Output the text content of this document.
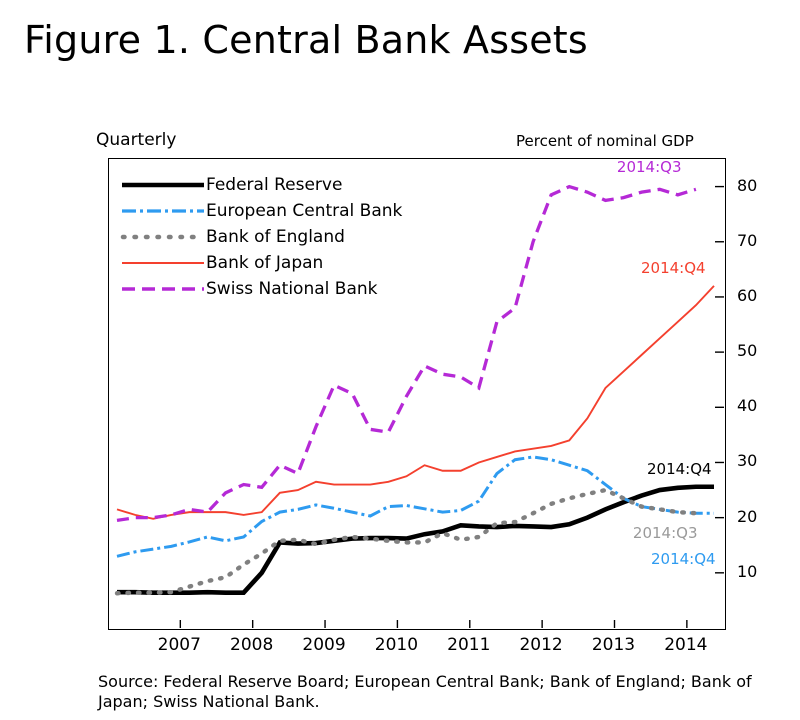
Figure 1. Central Bank Assets
Quarterly	Percent of nominal GDP
Federal Reserve
European Central Bank
Bank of England
Bank of Japan
Swiss National Bank
Source: Federal Reserve Board; European Central Bank; Bank of England; Bank of Japan; Swiss National Bank.
10
20
30
40
50
60
70
80
2007	2008	2009	2010	2011	2012	2013	2014
2014:Q4
2014:Q4
2014:Q3
2014:Q4
2014:Q3
